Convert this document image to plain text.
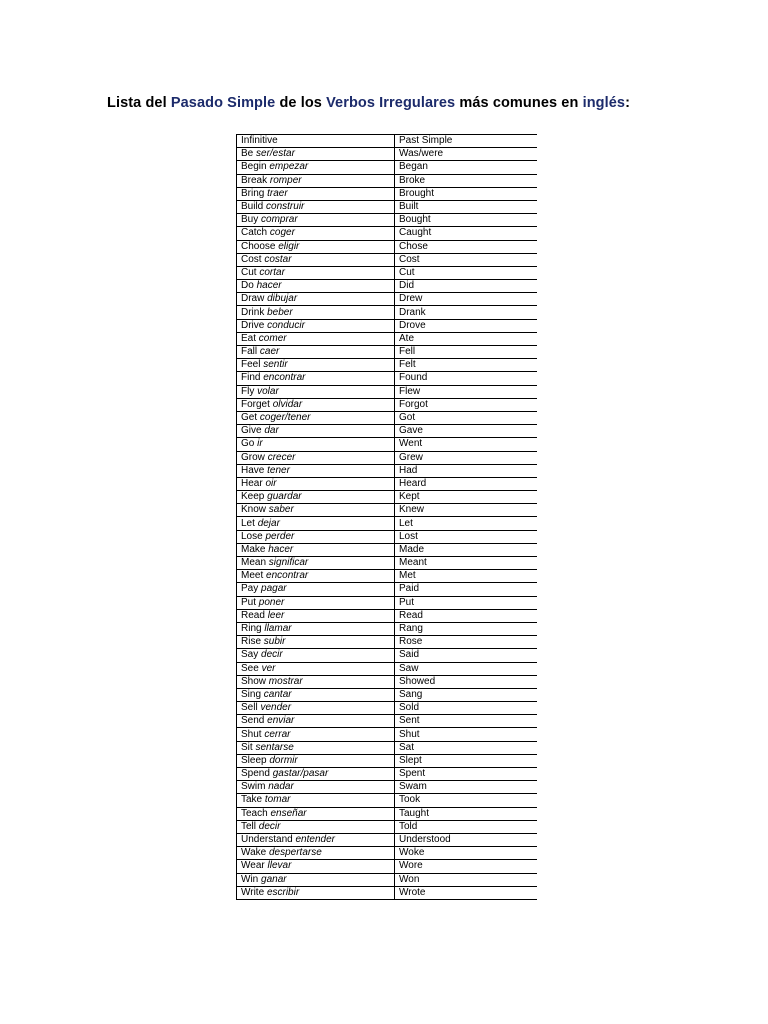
Lista del Pasado Simple de los Verbos Irregulares más comunes en inglés:
Infinitive	Past Simple
Be ser/estar	Was/were
Begin empezar	Began
Break romper	Broke
Bring traer	Brought
Build construir	Built
Buy comprar	Bought
Catch coger	Caught
Choose eligir	Chose
Cost costar	Cost
Cut cortar	Cut
Do hacer	Did
Draw dibujar	Drew
Drink beber	Drank
Drive conducir	Drove
Eat comer	Ate
Fall caer	Fell
Feel sentir	Felt
Find encontrar	Found
Fly volar	Flew
Forget olvidar	Forgot
Get coger/tener	Got
Give dar	Gave
Go ir	Went
Grow crecer	Grew
Have tener	Had
Hear oir	Heard
Keep guardar	Kept
Know saber	Knew
Let dejar	Let
Lose perder	Lost
Make hacer	Made
Mean significar	Meant
Meet encontrar	Met
Pay pagar	Paid
Put poner	Put
Read leer	Read
Ring llamar	Rang
Rise subir	Rose
Say decir	Said
See ver	Saw
Show mostrar	Showed
Sing cantar	Sang
Sell vender	Sold
Send enviar	Sent
Shut cerrar	Shut
Sit sentarse	Sat
Sleep dormir	Slept
Spend gastar/pasar	Spent
Swim nadar	Swam
Take tomar	Took
Teach enseñar	Taught
Tell decir	Told
Understand entender	Understood
Wake despertarse	Woke
Wear llevar	Wore
Win ganar	Won
Write escribir	Wrote
